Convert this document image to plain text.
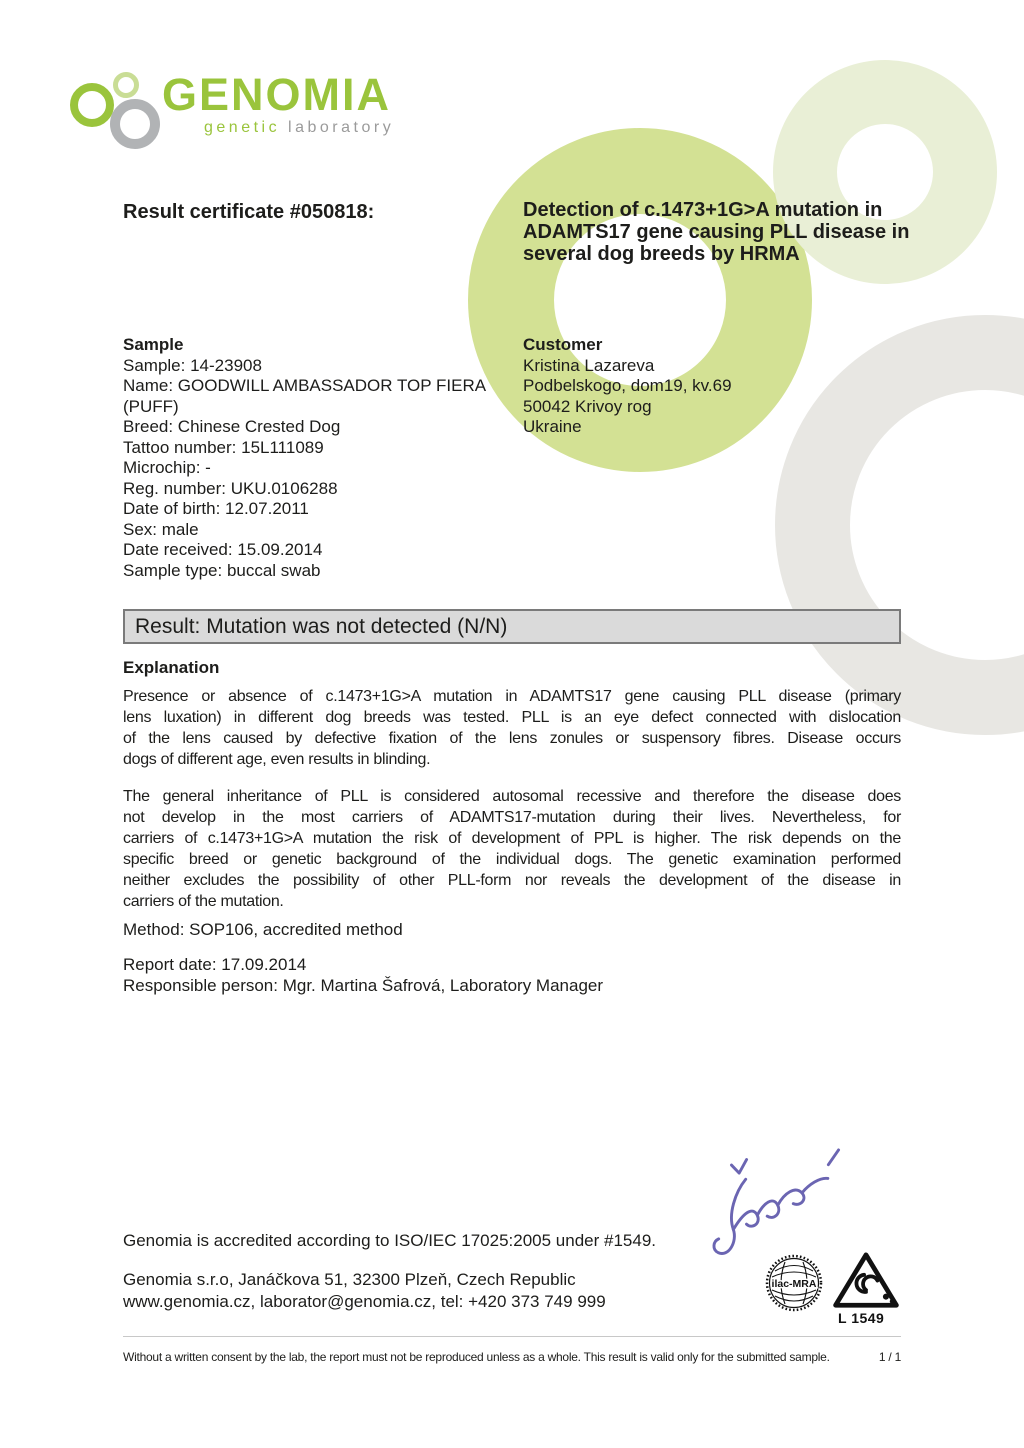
GENOMIA
genetic laboratory
Result certificate #050818:	Detection of c.1473+1G>A mutation in
ADAMTS17 gene causing PLL disease in
several dog breeds by HRMA
Sample
Sample: 14-23908
Name: GOODWILL AMBASSADOR TOP FIERA
(PUFF)
Breed: Chinese Crested Dog
Tattoo number: 15L111089
Microchip: -
Reg. number: UKU.0106288
Date of birth: 12.07.2011
Sex: male
Date received: 15.09.2014
Sample type: buccal swab
Customer
Kristina Lazareva
Podbelskogo, dom19, kv.69
50042 Krivoy rog
Ukraine
Result: Mutation was not detected (N/N)
Explanation
Presence or absence of c.1473+1G>A mutation in ADAMTS17 gene causing PLL disease (primary
lens luxation) in different dog breeds was tested. PLL is an eye defect connected with dislocation
of the lens caused by defective fixation of the lens zonules or suspensory fibres. Disease occurs
dogs of different age, even results in blinding.
The general inheritance of PLL is considered autosomal recessive and therefore the disease does
not develop in the most carriers of ADAMTS17-mutation during their lives. Nevertheless, for
carriers of c.1473+1G>A mutation the risk of development of PPL is higher. The risk depends on the
specific breed or genetic background of the individual dogs. The genetic examination performed
neither excludes the possibility of other PLL-form nor reveals the development of the disease in
carriers of the mutation.
Method: SOP106, accredited method
Report date: 17.09.2014
Responsible person: Mgr. Martina Šafrová, Laboratory Manager
Genomia is accredited according to ISO/IEC 17025:2005 under #1549.
Genomia s.r.o, Janáčkova 51, 32300 Plzeň, Czech Republic
www.genomia.cz, laborator@genomia.cz, tel: +420 373 749 999
ilac-MRA
L 1549
Without a written consent by the lab, the report must not be reproduced unless as a whole. This result is valid only for the submitted sample.	1 / 1
